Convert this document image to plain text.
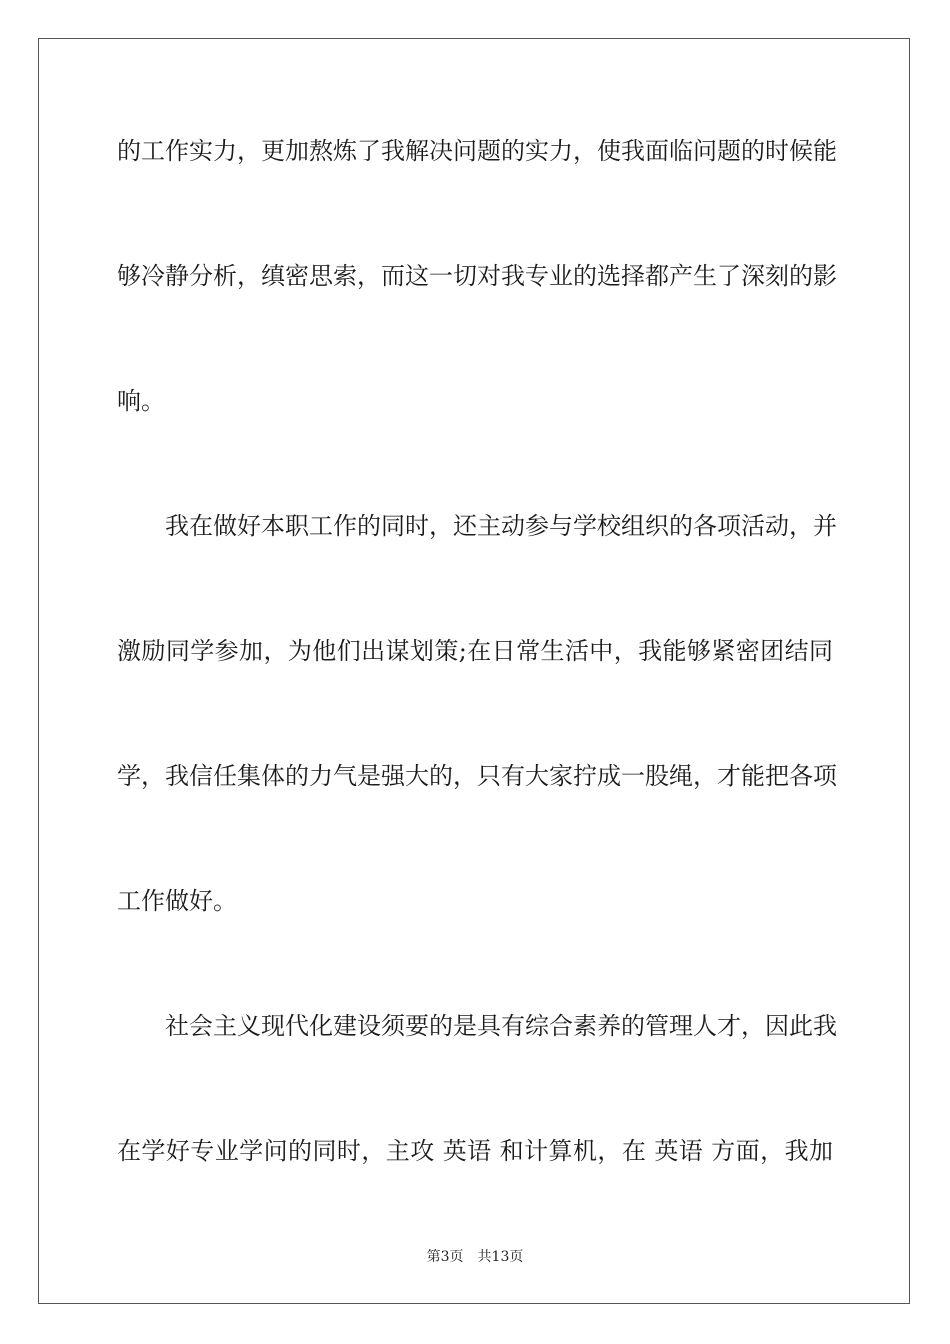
的工作实力，更加熬炼了我解决问题的实力，使我面临问题的时候能
够冷静分析，缜密思索，而这一切对我专业的选择都产生了深刻的影
响。
我在做好本职工作的同时，还主动参与学校组织的各项活动，并
激励同学参加，为他们出谋划策;在日常生活中，我能够紧密团结同
学，我信任集体的力气是强大的，只有大家拧成一股绳，才能把各项
工作做好。
社会主义现代化建设须要的是具有综合素养的管理人才，因此我
在学好专业学问的同时，主攻 英语 和计算机，在 英语 方面，我加
第3页 共13页
